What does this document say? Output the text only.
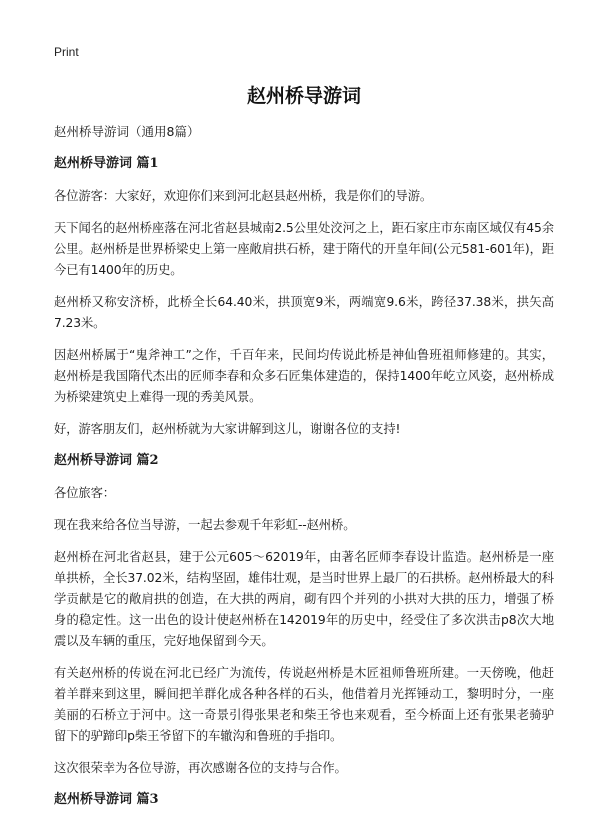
Print
赵州桥导游词

赵州桥导游词（通用8篇）

赵州桥导游词 篇1

各位游客：大家好，欢迎你们来到河北赵县赵州桥，我是你们的导游。

天下闻名的赵州桥座落在河北省赵县城南2.5公里处洨河之上，距石家庄市东南区域仅有45余公里。赵州桥是世界桥梁史上第一座敞肩拱石桥，建于隋代的开皇年间(公元581-601年)，距今已有1400年的历史。

赵州桥又称安济桥，此桥全长64.40米，拱顶宽9米，两端宽9.6米，跨径37.38米，拱矢高7.23米。

因赵州桥属于“鬼斧神工”之作，千百年来，民间均传说此桥是神仙鲁班祖师修建的。其实，赵州桥是我国隋代杰出的匠师李春和众多石匠集体建造的，保持1400年屹立风姿，赵州桥成为桥梁建筑史上难得一现的秀美风景。

好，游客朋友们，赵州桥就为大家讲解到这儿，谢谢各位的支持!

赵州桥导游词 篇2

各位旅客：

现在我来给各位当导游，一起去参观千年彩虹--赵州桥。

赵州桥在河北省赵县，建于公元605～62019年，由著名匠师李春设计监造。赵州桥是一座单拱桥，全长37.02米，结构坚固，雄伟壮观，是当时世界上最厂的石拱桥。赵州桥最大的科学贡献是它的敞肩拱的创造，在大拱的两肩，砌有四个并列的小拱对大拱的压力，增强了桥身的稳定性。这一出色的设计使赵州桥在142019年的历史中，经受住了多次洪击p8次大地震以及车辆的重压，完好地保留到今天。

有关赵州桥的传说在河北已经广为流传，传说赵州桥是木匠祖师鲁班所建。一天傍晚，他赶着羊群来到这里，瞬间把羊群化成各种各样的石头，他借着月光挥锤动工，黎明时分，一座美丽的石桥立于河中。这一奇景引得张果老和柴王爷也来观看，至今桥面上还有张果老骑驴留下的驴蹄印p柴王爷留下的车辙沟和鲁班的手指印。

这次很荣幸为各位导游，再次感谢各位的支持与合作。

赵州桥导游词 篇3
